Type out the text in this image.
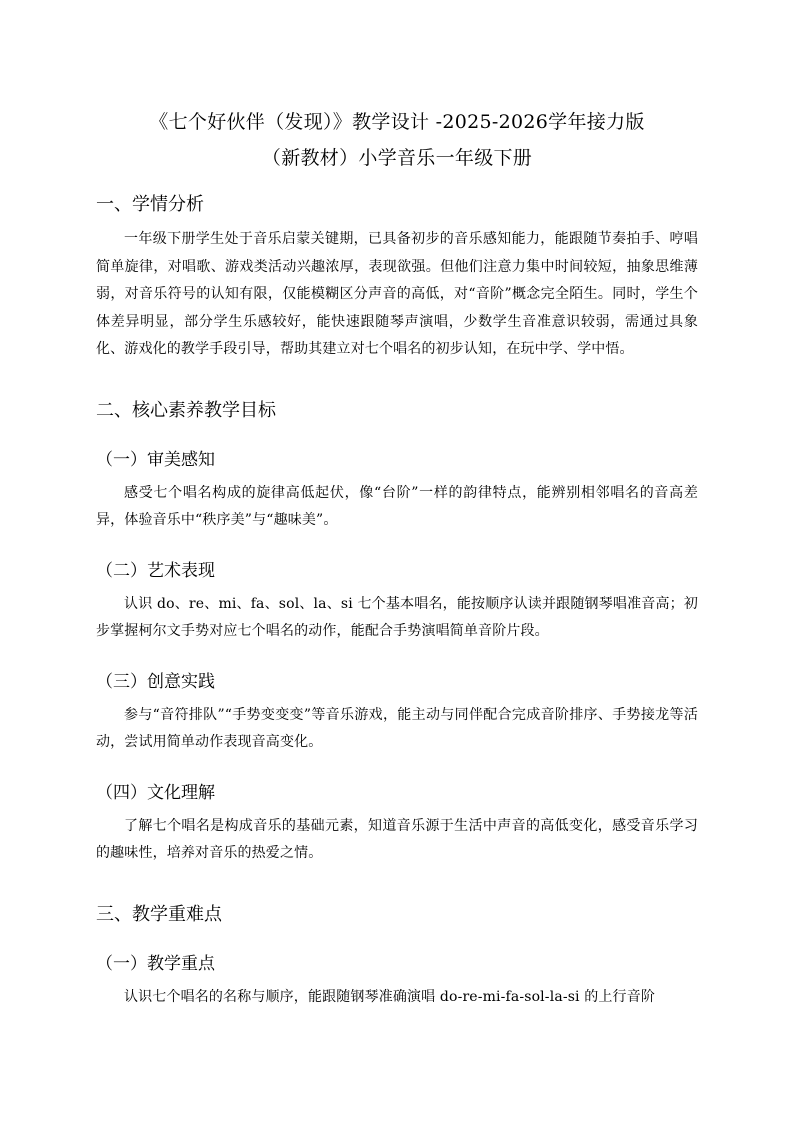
《七个好伙伴（发现）》教学设计 -2025-2026学年接力版
（新教材）小学音乐一年级下册
一、学情分析

一年级下册学生处于音乐启蒙关键期，已具备初步的音乐感知能力，能跟随节奏拍手、哼唱简单旋律，对唱歌、游戏类活动兴趣浓厚，表现欲强。但他们注意力集中时间较短，抽象思维薄弱，对音乐符号的认知有限，仅能模糊区分声音的高低，对“音阶”概念完全陌生。同时，学生个体差异明显，部分学生乐感较好，能快速跟随琴声演唱，少数学生音准意识较弱，需通过具象化、游戏化的教学手段引导，帮助其建立对七个唱名的初步认知，在玩中学、学中悟。

二、核心素养教学目标
（一）审美感知

感受七个唱名构成的旋律高低起伏，像“台阶”一样的韵律特点，能辨别相邻唱名的音高差异，体验音乐中“秩序美”与“趣味美”。

（二）艺术表现

认识 do、re、mi、fa、sol、la、si 七个基本唱名，能按顺序认读并跟随钢琴唱准音高；初步掌握柯尔文手势对应七个唱名的动作，能配合手势演唱简单音阶片段。

（三）创意实践

参与“音符排队”“手势变变变”等音乐游戏，能主动与同伴配合完成音阶排序、手势接龙等活动，尝试用简单动作表现音高变化。

（四）文化理解

了解七个唱名是构成音乐的基础元素，知道音乐源于生活中声音的高低变化，感受音乐学习的趣味性，培养对音乐的热爱之情。

三、教学重难点
（一）教学重点

认识七个唱名的名称与顺序，能跟随钢琴准确演唱 do-re-mi-fa-sol-la-si 的上行音阶
